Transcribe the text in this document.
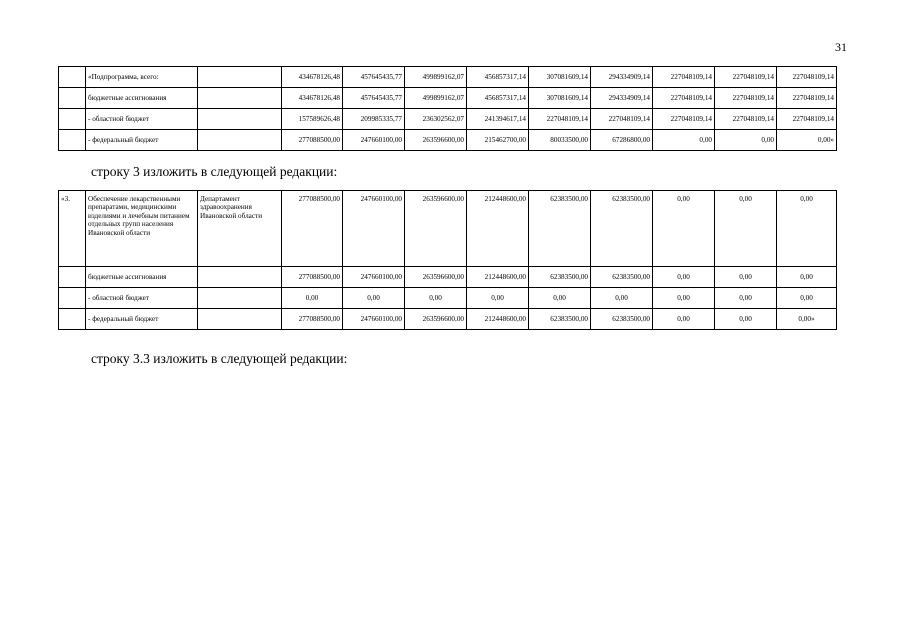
31
	«Подпрограмма, всего:		434678126,48	457645435,77	499899162,07	456857317,14	307081609,14	294334909,14	227048109,14	227048109,14	227048109,14
	бюджетные ассигнования		434678126,48	457645435,77	499899162,07	456857317,14	307081609,14	294334909,14	227048109,14	227048109,14	227048109,14
	- областной бюджет		157589626,48	209985335,77	236302562,07	241394617,14	227048109,14	227048109,14	227048109,14	227048109,14	227048109,14
	- федеральный бюджет		277088500,00	247660100,00	263596600,00	215462700,00	80033500,00	67286800,00	0,00	0,00	0,00»
строку 3 изложить в следующей редакции:
«3.	Обеспечение лекарственными препаратами, медицинскими изделиями и лечебным питанием отдельных групп населения Ивановской области	Департамент здравоохранения Ивановской области	277088500,00	247660100,00	263596600,00	212448600,00	62383500,00	62383500,00	0,00	0,00	0,00
	бюджетные ассигнования		277088500,00	247660100,00	263596600,00	212448600,00	62383500,00	62383500,00	0,00	0,00	0,00
	- областной бюджет		0,00	0,00	0,00	0,00	0,00	0,00	0,00	0,00	0,00
	- федеральный бюджет		277088500,00	247660100,00	263596600,00	212448600,00	62383500,00	62383500,00	0,00	0,00	0,00»
строку 3.3 изложить в следующей редакции:
